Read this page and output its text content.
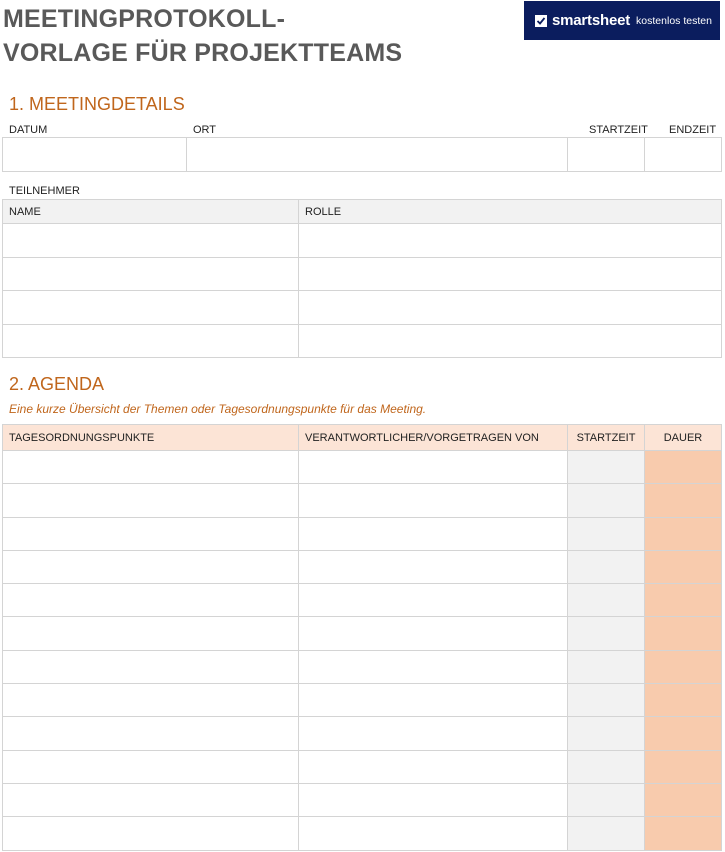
MEETINGPROTOKOLL-
VORLAGE FÜR PROJEKTTEAMS
smartsheet kostenlos testen
1. MEETINGDETAILS
DATUM	ORT	STARTZEIT ENDZEIT

TEILNEHMER
NAME	ROLLE

2. AGENDA

Eine kurze Übersicht der Themen oder Tagesordnungspunkte für das Meeting.

TAGESORDNUNGSPUNKTE	VERANTWORTLICHER/VORGETRAGEN VON	STARTZEIT	DAUER
